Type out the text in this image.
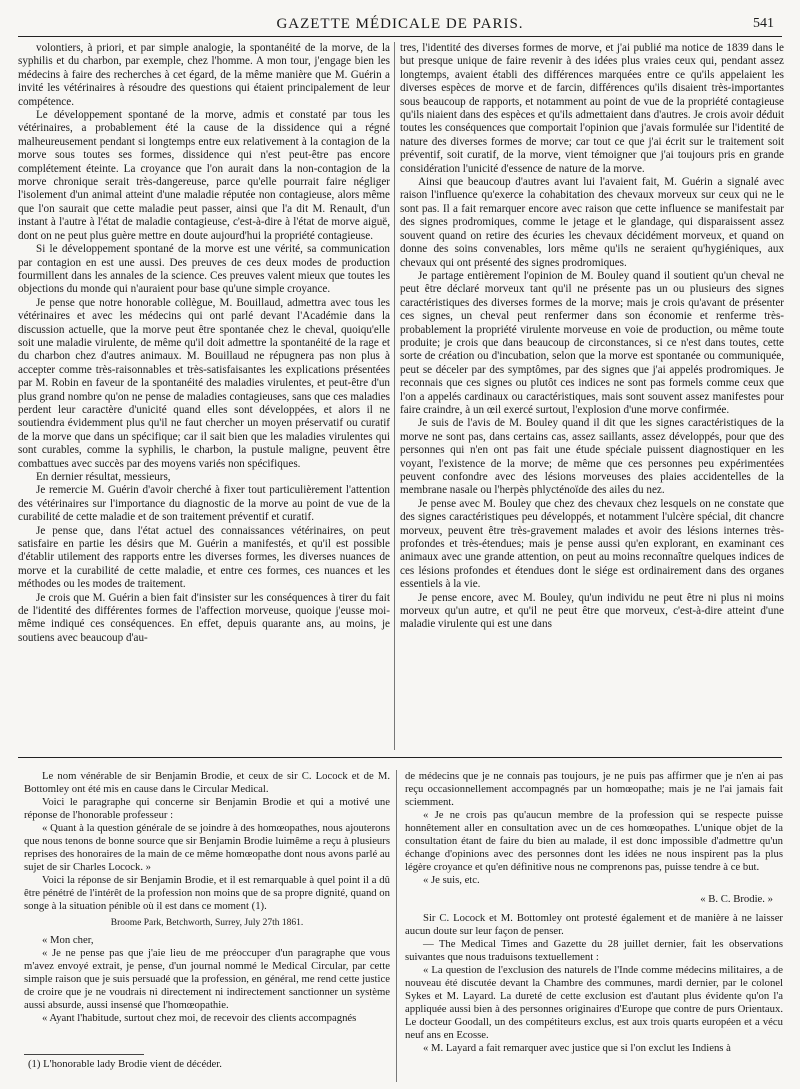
GAZETTE MÉDICALE DE PARIS.	541

volontiers, à priori, et par simple analogie, la spontanéité de la morve, de la syphilis et du charbon, par exemple, chez l'homme. A mon tour, j'engage bien les médecins à faire des recherches à cet égard, de la même manière que M. Guérin a invité les vétérinaires à résoudre des questions qui étaient principalement de leur compétence.

Le développement spontané de la morve, admis et constaté par tous les vétérinaires, a probablement été la cause de la dissidence qui a régné malheureusement pendant si longtemps entre eux relativement à la contagion de la morve sous toutes ses formes, dissidence qui n'est peut-être pas encore complétement éteinte. La croyance que l'on aurait dans la non-contagion de la morve chronique serait très-dangereuse, parce qu'elle pourrait faire négliger l'isolement d'un animal atteint d'une maladie réputée non contagieuse, alors même que l'on saurait que cette maladie peut passer, ainsi que l'a dit M. Renault, d'un instant à l'autre à l'état de maladie contagieuse, c'est-à-dire à l'état de morve aiguë, dont on ne peut plus guère mettre en doute aujourd'hui la propriété contagieuse.

Si le développement spontané de la morve est une vérité, sa communication par contagion en est une aussi. Des preuves de ces deux modes de production fourmillent dans les annales de la science. Ces preuves valent mieux que toutes les objections du monde qui n'auraient pour base qu'une simple croyance.

Je pense que notre honorable collègue, M. Bouillaud, admettra avec tous les vétérinaires et avec les médecins qui ont parlé devant l'Académie dans la discussion actuelle, que la morve peut être spontanée chez le cheval, quoiqu'elle soit une maladie virulente, de même qu'il doit admettre la spontanéité de la rage et du charbon chez d'autres animaux. M. Bouillaud ne répugnera pas non plus à accepter comme très-raisonnables et très-satisfaisantes les explications présentées par M. Robin en faveur de la spontanéité des maladies virulentes, et peut-être d'un plus grand nombre qu'on ne pense de maladies contagieuses, sans que ces maladies perdent leur caractère d'unicité quand elles sont développées, et alors il ne soutiendra évidemment plus qu'il ne faut chercher un moyen préservatif ou curatif de la morve que dans un spécifique; car il sait bien que les maladies virulentes qui sont curables, comme la syphilis, le charbon, la pustule maligne, peuvent être combattues avec succès par des moyens variés non spécifiques.

En dernier résultat, messieurs,

Je remercie M. Guérin d'avoir cherché à fixer tout particulièrement l'attention des vétérinaires sur l'importance du diagnostic de la morve au point de vue de la curabilité de cette maladie et de son traitement préventif et curatif.

Je pense que, dans l'état actuel des connaissances vétérinaires, on peut satisfaire en partie les désirs que M. Guérin a manifestés, et qu'il est possible d'établir utilement des rapports entre les diverses formes, les diverses nuances de morve et la curabilité de cette maladie, et entre ces formes, ces nuances et les méthodes ou les modes de traitement.

Je crois que M. Guérin a bien fait d'insister sur les conséquences à tirer du fait de l'identité des différentes formes de l'affection morveuse, quoique j'eusse moi-même indiqué ces conséquences. En effet, depuis quarante ans, au moins, je soutiens avec beaucoup d'au-

tres, l'identité des diverses formes de morve, et j'ai publié ma notice de 1839 dans le but presque unique de faire revenir à des idées plus vraies ceux qui, pendant assez longtemps, avaient établi des différences marquées entre ce qu'ils appelaient les diverses espèces de morve et de farcin, différences qu'ils disaient très-importantes sous beaucoup de rapports, et notamment au point de vue de la propriété contagieuse qu'ils niaient dans des espèces et qu'ils admettaient dans d'autres. Je crois avoir déduit toutes les conséquences que comportait l'opinion que j'avais formulée sur l'identité de nature des diverses formes de morve; car tout ce que j'ai écrit sur le traitement soit préventif, soit curatif, de la morve, vient témoigner que j'ai toujours pris en grande considération l'unicité d'essence de nature de la morve.

Ainsi que beaucoup d'autres avant lui l'avaient fait, M. Guérin a signalé avec raison l'influence qu'exerce la cohabitation des chevaux morveux sur ceux qui ne le sont pas. Il a fait remarquer encore avec raison que cette influence se manifestait par des signes prodromiques, comme le jetage et le glandage, qui disparaissent assez souvent quand on retire des écuries les chevaux décidément morveux, et quand on donne des soins convenables, lors même qu'ils ne seraient qu'hygiéniques, aux chevaux qui ont présenté des signes prodromiques.

Je partage entièrement l'opinion de M. Bouley quand il soutient qu'un cheval ne peut être déclaré morveux tant qu'il ne présente pas un ou plusieurs des signes caractéristiques des diverses formes de la morve; mais je crois qu'avant de présenter ces signes, un cheval peut renfermer dans son économie et renferme très-probablement la propriété virulente morveuse en voie de production, ou même toute produite; je crois que dans beaucoup de circonstances, si ce n'est dans toutes, cette sorte de création ou d'incubation, selon que la morve est spontanée ou communiquée, peut se déceler par des symptômes, par des signes que j'ai appelés prodromiques. Je reconnais que ces signes ou plutôt ces indices ne sont pas formels comme ceux que l'on a appelés cardinaux ou caractéristiques, mais sont souvent assez manifestes pour faire craindre, à un œil exercé surtout, l'explosion d'une morve confirmée.

Je suis de l'avis de M. Bouley quand il dit que les signes caractéristiques de la morve ne sont pas, dans certains cas, assez saillants, assez développés, pour que des personnes qui n'en ont pas fait une étude spéciale puissent diagnostiquer en les voyant, l'existence de la morve; de même que ces personnes peu expérimentées peuvent confondre avec des lésions morveuses des plaies accidentelles de la membrane nasale ou l'herpès phlycténoïde des ailes du nez.

Je pense avec M. Bouley que chez des chevaux chez lesquels on ne constate que des signes caractéristiques peu développés, et notamment l'ulcère spécial, dit chancre morveux, peuvent être très-gravement malades et avoir des lésions internes très-profondes et très-étendues; mais je pense aussi qu'en explorant, en examinant ces animaux avec une grande attention, on peut au moins reconnaître quelques indices de ces lésions profondes et étendues dont le siége est ordinairement dans des organes essentiels à la vie.

Je pense encore, avec M. Bouley, qu'un individu ne peut être ni plus ni moins morveux qu'un autre, et qu'il ne peut être que morveux, c'est-à-dire atteint d'une maladie virulente qui est une dans

Le nom vénérable de sir Benjamin Brodie, et ceux de sir C. Locock et de M. Bottomley ont été mis en cause dans le Circular Medical.

Voici le paragraphe qui concerne sir Benjamin Brodie et qui a motivé une réponse de l'honorable professeur :

« Quant à la question générale de se joindre à des homœopathes, nous ajouterons que nous tenons de bonne source que sir Benjamin Brodie luimême a reçu à plusieurs reprises des honoraires de la main de ce même homœopathe dont nous avons parlé au sujet de sir Charles Locock. »

Voici la réponse de sir Benjamin Brodie, et il est remarquable à quel point il a dû être pénétré de l'intérêt de la profession non moins que de sa propre dignité, quand on songe à la situation pénible où il est dans ce moment (1).

Broome Park, Betchworth, Surrey, July 27th 1861.

« Mon cher,

« Je ne pense pas que j'aie lieu de me préoccuper d'un paragraphe que vous m'avez envoyé extrait, je pense, d'un journal nommé le Medical Circular, par cette simple raison que je suis persuadé que la profession, en général, me rend cette justice de croire que je ne voudrais ni directement ni indirectement sanctionner un système aussi absurde, aussi insensé que l'homœopathie.

« Ayant l'habitude, surtout chez moi, de recevoir des clients accompagnés

de médecins que je ne connais pas toujours, je ne puis pas affirmer que je n'en ai pas reçu occasionnellement accompagnés par un homœopathe; mais je ne l'ai jamais fait sciemment.

« Je ne crois pas qu'aucun membre de la profession qui se respecte puisse honnêtement aller en consultation avec un de ces homœopathes. L'unique objet de la consultation étant de faire du bien au malade, il est donc impossible d'admettre qu'un échange d'opinions avec des personnes dont les idées ne nous inspirent pas la plus légère croyance et qu'en définitive nous ne comprenons pas, puisse tendre à ce but.

« Je suis, etc.

« B. C. Brodie. »

Sir C. Locock et M. Bottomley ont protesté également et de manière à ne laisser aucun doute sur leur façon de penser.

— The Medical Times and Gazette du 28 juillet dernier, fait les observations suivantes que nous traduisons textuellement :

« La question de l'exclusion des naturels de l'Inde comme médecins militaires, a de nouveau été discutée devant la Chambre des communes, mardi dernier, par le colonel Sykes et M. Layard. La dureté de cette exclusion est d'autant plus évidente qu'on l'a appliquée aussi bien à des personnes originaires d'Europe que contre de purs Orientaux. Le docteur Goodall, un des compétiteurs exclus, est aux trois quarts européen et a vécu neuf ans en Ecosse.

« M. Layard a fait remarquer avec justice que si l'on exclut les Indiens à

(1) L'honorable lady Brodie vient de décéder.
